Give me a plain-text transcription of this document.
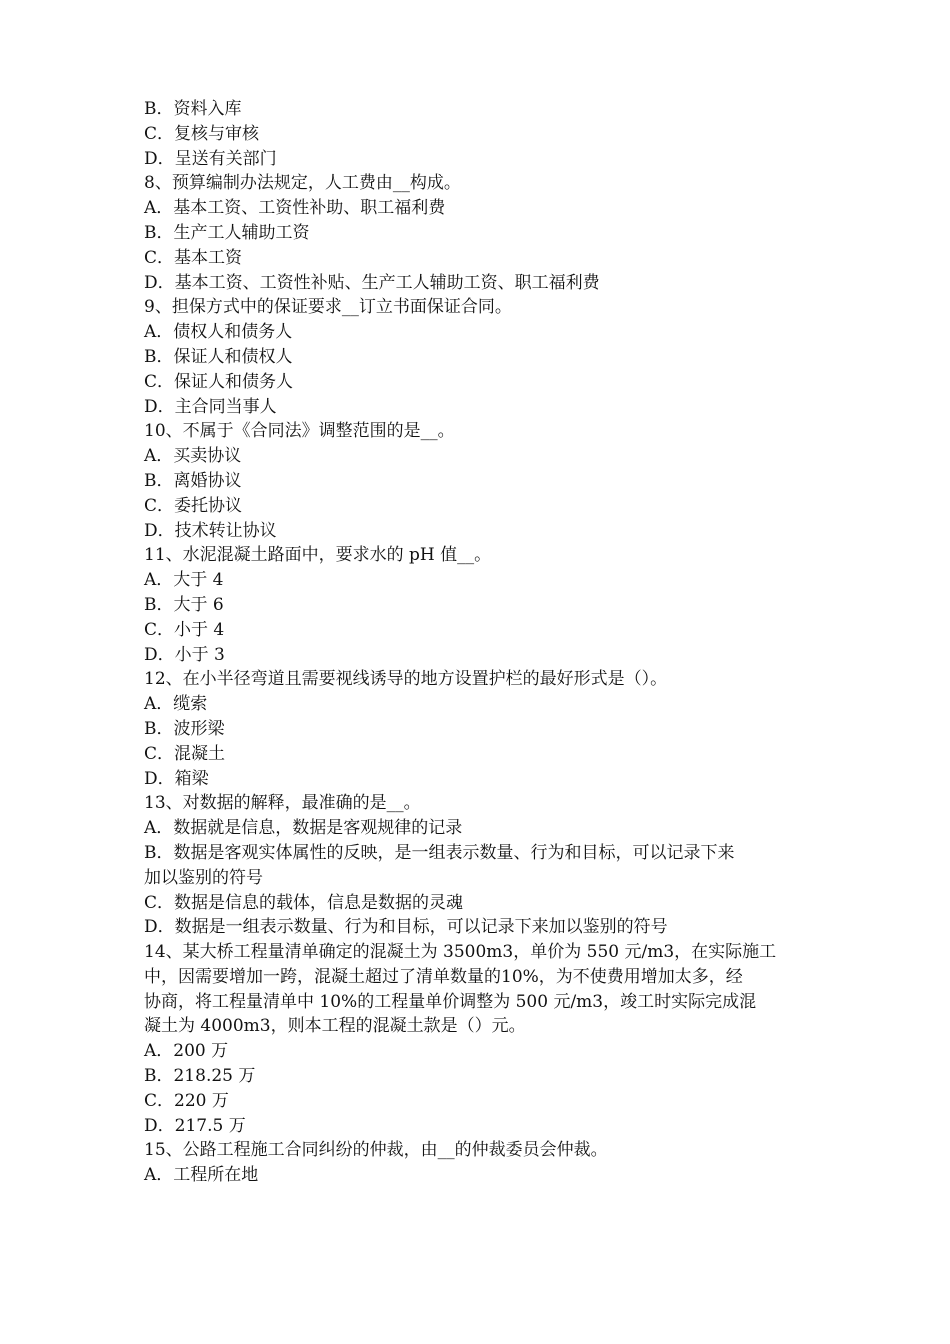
B．资料入库
C．复核与审核
D．呈送有关部门
8、预算编制办法规定，人工费由__构成。
A．基本工资、工资性补助、职工福利费
B．生产工人辅助工资
C．基本工资
D．基本工资、工资性补贴、生产工人辅助工资、职工福利费
9、担保方式中的保证要求__订立书面保证合同。
A．债权人和债务人
B．保证人和债权人
C．保证人和债务人
D．主合同当事人
10、不属于《合同法》调整范围的是__。
A．买卖协议
B．离婚协议
C．委托协议
D．技术转让协议
11、水泥混凝土路面中，要求水的 pH 值__。
A．大于 4
B．大于 6
C．小于 4
D．小于 3
12、在小半径弯道且需要视线诱导的地方设置护栏的最好形式是（）。
A．缆索
B．波形梁
C．混凝土
D．箱梁
13、对数据的解释，最准确的是__。
A．数据就是信息，数据是客观规律的记录
B．数据是客观实体属性的反映，是一组表示数量、行为和目标，可以记录下来
加以鉴别的符号
C．数据是信息的载体，信息是数据的灵魂
D．数据是一组表示数量、行为和目标，可以记录下来加以鉴别的符号
14、某大桥工程量清单确定的混凝土为 3500m3，单价为 550 元/m3，在实际施工
中，因需要增加一跨，混凝土超过了清单数量的10%，为不使费用增加太多，经
协商，将工程量清单中 10%的工程量单价调整为 500 元/m3，竣工时实际完成混
凝土为 4000m3，则本工程的混凝土款是（）元。
A．200 万
B．218.25 万
C．220 万
D．217.5 万
15、公路工程施工合同纠纷的仲裁，由__的仲裁委员会仲裁。
A．工程所在地
